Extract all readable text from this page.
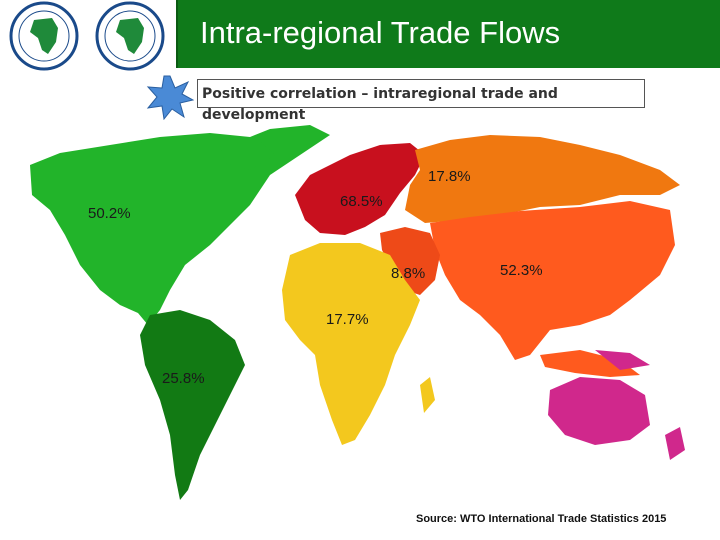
Intra-regional Trade Flows
Positive correlation – intraregional trade and development
17.8%
68.5%
50.2%
8.8%	52.3%
17.7%
25.8%
Source: WTO International Trade Statistics 2015
